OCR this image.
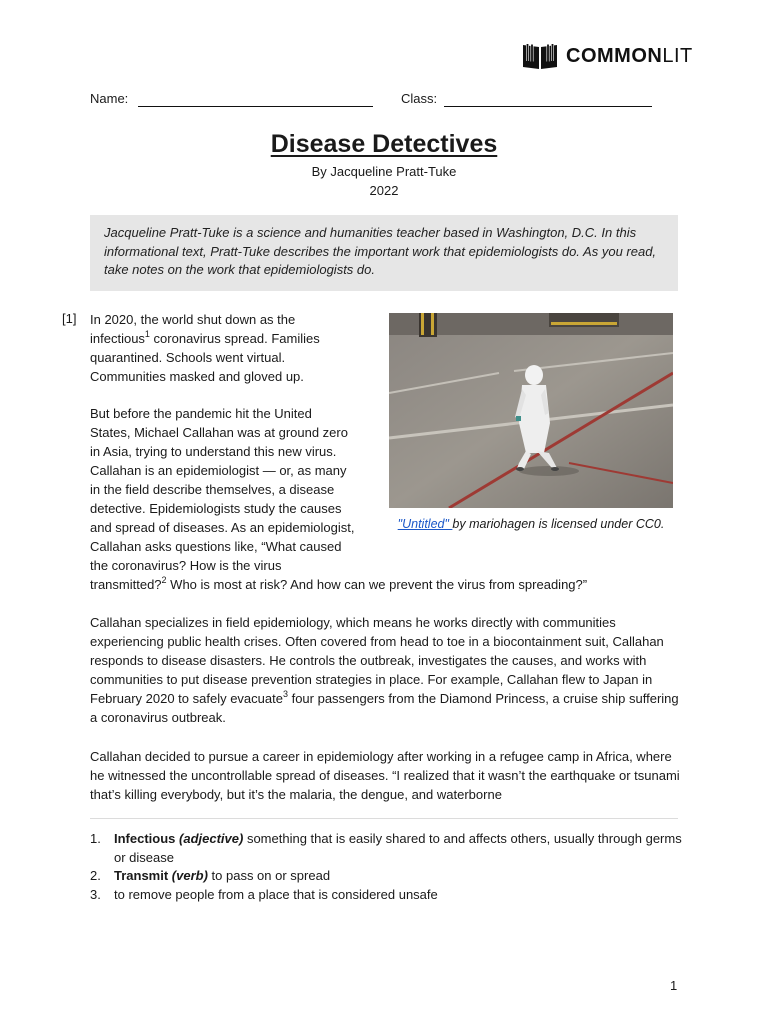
COMMONLIT
Name:	Class:
Disease Detectives
By Jacqueline Pratt-Tuke
2022
Jacqueline Pratt-Tuke is a science and humanities teacher based in Washington, D.C. In this informational text, Pratt-Tuke describes the important work that epidemiologists do. As you read, take notes on the work that epidemiologists do.
[1] In 2020, the world shut down as the
infectious$^1$ coronavirus spread. Families
quarantined. Schools went virtual.
Communities masked and gloved up.
But before the pandemic hit the United
States, Michael Callahan was at ground zero
in Asia, trying to understand this new virus.
Callahan is an epidemiologist — or, as many
in the field describe themselves, a disease
detective. Epidemiologists study the causes
and spread of diseases. As an epidemiologist,
Callahan asks questions like, “What caused
the coronavirus? How is the virus
transmitted?$^2$ Who is most at risk? And how can we prevent the virus from spreading?”
"Untitled" by mariohagen is licensed under CC0.
Callahan specializes in field epidemiology, which means he works directly with communities experiencing public health crises. Often covered from head to toe in a biocontainment suit, Callahan responds to disease disasters. He controls the outbreak, investigates the causes, and works with communities to put disease prevention strategies in place. For example, Callahan flew to Japan in February 2020 to safely evacuate$^3$ four passengers from the Diamond Princess, a cruise ship suffering a coronavirus outbreak.
Callahan decided to pursue a career in epidemiology after working in a refugee camp in Africa, where he witnessed the uncontrollable spread of diseases. “I realized that it wasn’t the earthquake or tsunami that’s killing everybody, but it’s the malaria, the dengue, and waterborne
1. Infectious (adjective) something that is easily shared to and affects others, usually through germs or disease
2. Transmit (verb) to pass on or spread
3. to remove people from a place that is considered unsafe
1
